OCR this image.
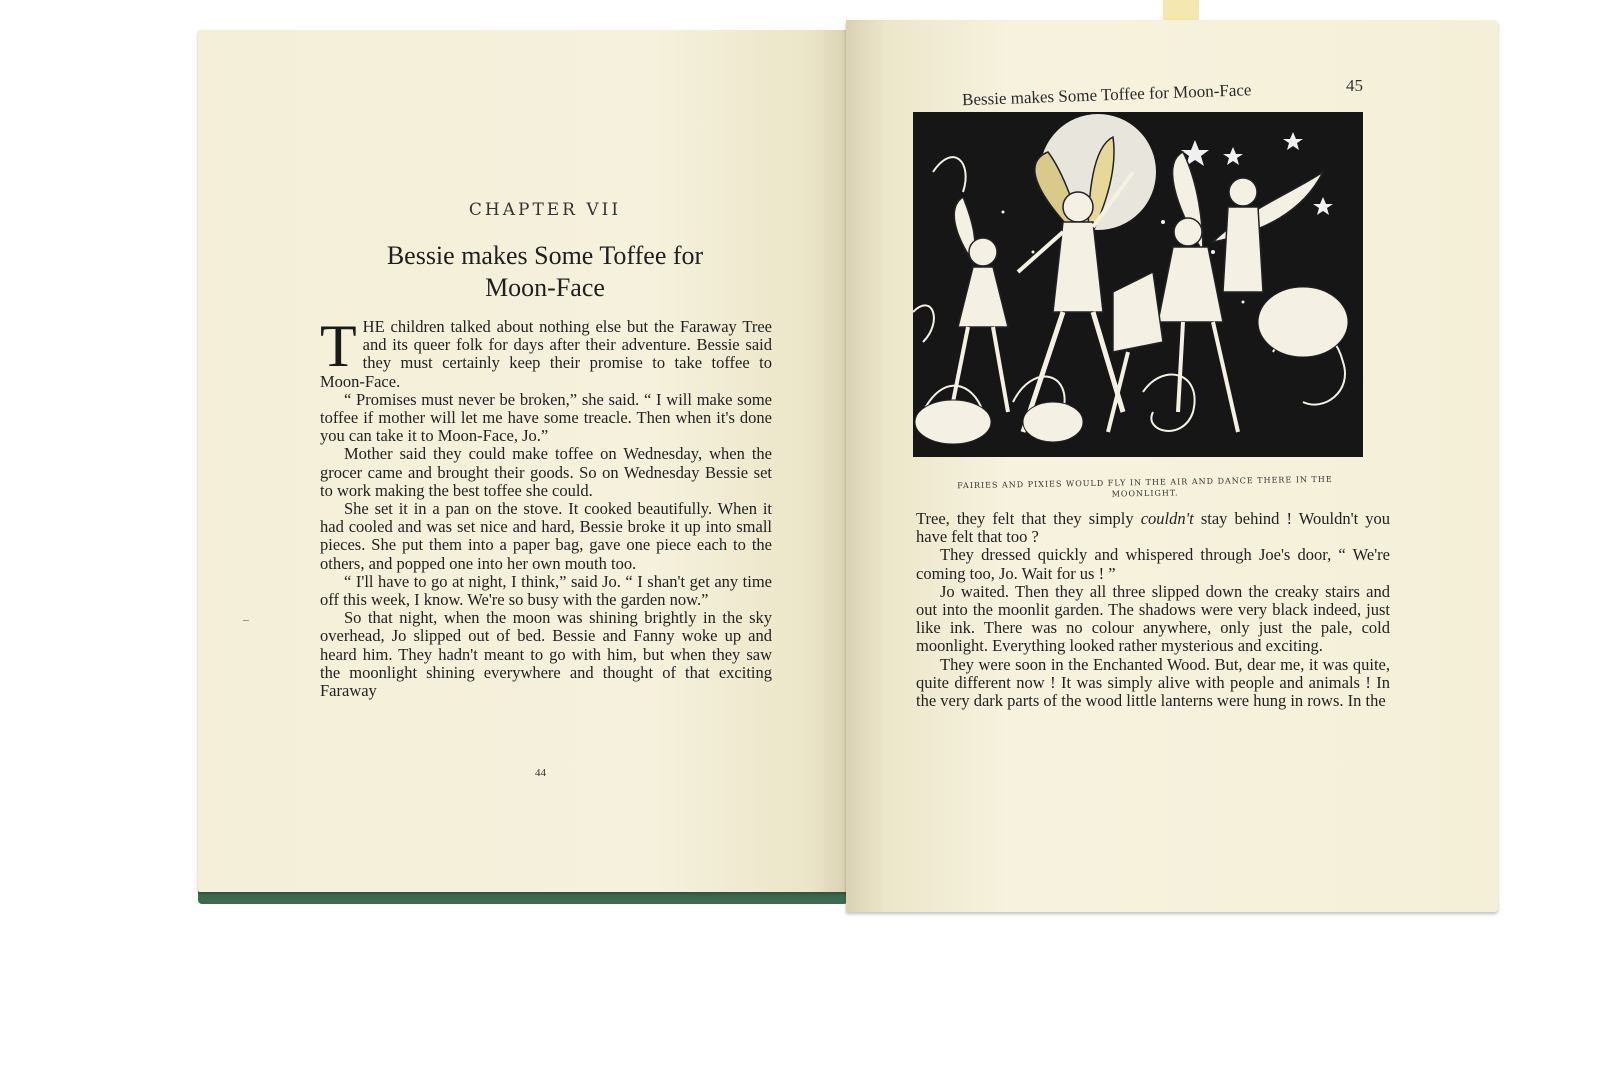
CHAPTER VII
Bessie makes Some Toffee for
Moon-Face

THE children talked about nothing else but the Faraway Tree and its queer folk for days after their adventure. Bessie said they must certainly keep their promise to take toffee to Moon-Face.

“ Promises must never be broken,” she said. “ I will make some toffee if mother will let me have some treacle. Then when it's done you can take it to Moon-Face, Jo.”

Mother said they could make toffee on Wednesday, when the grocer came and brought their goods. So on Wednesday Bessie set to work making the best toffee she could.

She set it in a pan on the stove. It cooked beautifully. When it had cooled and was set nice and hard, Bessie broke it up into small pieces. She put them into a paper bag, gave one piece each to the others, and popped one into her own mouth too.

“ I'll have to go at night, I think,” said Jo. “ I shan't get any time off this week, I know. We're so busy with the garden now.”

So that night, when the moon was shining brightly in the sky overhead, Jo slipped out of bed. Bessie and Fanny woke up and heard him. They hadn't meant to go with him, but when they saw the moonlight shining everywhere and thought of that exciting Faraway

44
Bessie makes Some Toffee for Moon-Face	45
FAIRIES AND PIXIES WOULD FLY IN THE AIR AND DANCE THERE IN THE MOONLIGHT.

Tree, they felt that they simply couldn't stay behind ! Wouldn't you have felt that too ?

They dressed quickly and whispered through Joe's door, “ We're coming too, Jo. Wait for us ! ”

Jo waited. Then they all three slipped down the creaky stairs and out into the moonlit garden. The shadows were very black indeed, just like ink. There was no colour anywhere, only just the pale, cold moonlight. Everything looked rather mysterious and exciting.

They were soon in the Enchanted Wood. But, dear me, it was quite, quite different now ! It was simply alive with people and animals ! In the very dark parts of the wood little lanterns were hung in rows. In the
